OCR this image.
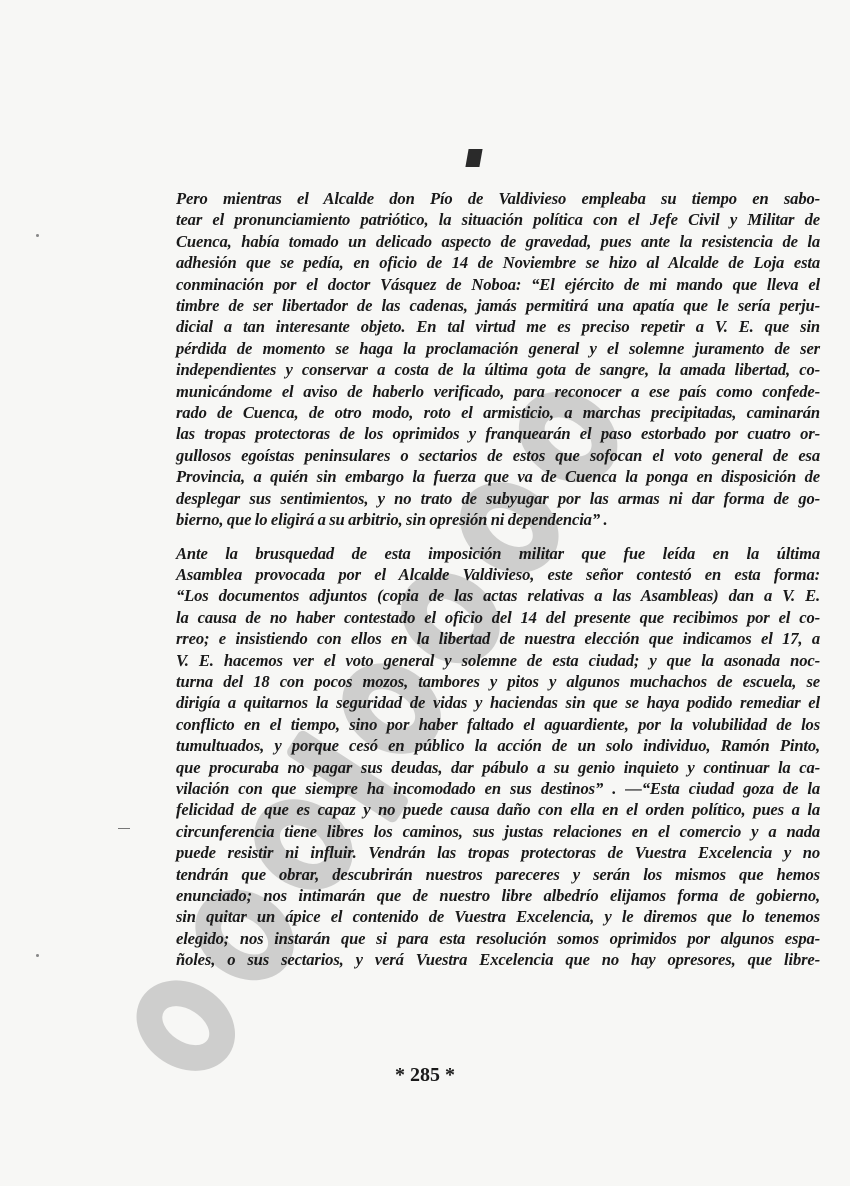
Pero mientras el Alcalde don Pío de Valdivieso empleaba su tiempo en sabo-
tear el pronunciamiento patriótico, la situación política con el Jefe Civil y Militar de
Cuenca, había tomado un delicado aspecto de gravedad, pues ante la resistencia de la
adhesión que se pedía, en oficio de 14 de Noviembre se hizo al Alcalde de Loja esta
conminación por el doctor Vásquez de Noboa: “El ejército de mi mando que lleva el
timbre de ser libertador de las cadenas, jamás permitirá una apatía que le sería perju-
dicial a tan interesante objeto. En tal virtud me es preciso repetir a V. E. que sin
pérdida de momento se haga la proclamación general y el solemne juramento de ser
independientes y conservar a costa de la última gota de sangre, la amada libertad, co-
municándome el aviso de haberlo verificado, para reconocer a ese país como confede-
rado de Cuenca, de otro modo, roto el armisticio, a marchas precipitadas, caminarán
las tropas protectoras de los oprimidos y franquearán el paso estorbado por cuatro or-
gullosos egoístas peninsulares o sectarios de estos que sofocan el voto general de esa
Provincia, a quién sin embargo la fuerza que va de Cuenca la ponga en disposición de
desplegar sus sentimientos, y no trato de subyugar por las armas ni dar forma de go-
bierno, que lo eligirá a su arbitrio, sin opresión ni dependencia” .

Ante la brusquedad de esta imposición militar que fue leída en la última
Asamblea provocada por el Alcalde Valdivieso, este señor contestó en esta forma:
“Los documentos adjuntos (copia de las actas relativas a las Asambleas) dan a V. E.
la causa de no haber contestado el oficio del 14 del presente que recibimos por el co-
rreo; e insistiendo con ellos en la libertad de nuestra elección que indicamos el 17, a
V. E. hacemos ver el voto general y solemne de esta ciudad; y que la asonada noc-
turna del 18 con pocos mozos, tambores y pitos y algunos muchachos de escuela, se
dirigía a quitarnos la seguridad de vidas y haciendas sin que se haya podido remediar el
conflicto en el tiempo, sino por haber faltado el aguardiente, por la volubilidad de los
tumultuados, y porque cesó en público la acción de un solo individuo, Ramón Pinto,
que procuraba no pagar sus deudas, dar pábulo a su genio inquieto y continuar la ca-
vilación con que siempre ha incomodado en sus destinos” . —“Esta ciudad goza de la
felicidad de que es capaz y no puede causa daño con ella en el orden político, pues a la
circunferencia tiene libres los caminos, sus justas relaciones en el comercio y a nada
puede resistir ni influir. Vendrán las tropas protectoras de Vuestra Excelencia y no
tendrán que obrar, descubrirán nuestros pareceres y serán los mismos que hemos
enunciado; nos intimarán que de nuestro libre albedrío elijamos forma de gobierno,
sin quitar un ápice el contenido de Vuestra Excelencia, y le diremos que lo tenemos
elegido; nos instarán que si para esta resolución somos oprimidos por algunos espa-
ñoles, o sus sectarios, y verá Vuestra Excelencia que no hay opresores, que libre-

* 285 *
